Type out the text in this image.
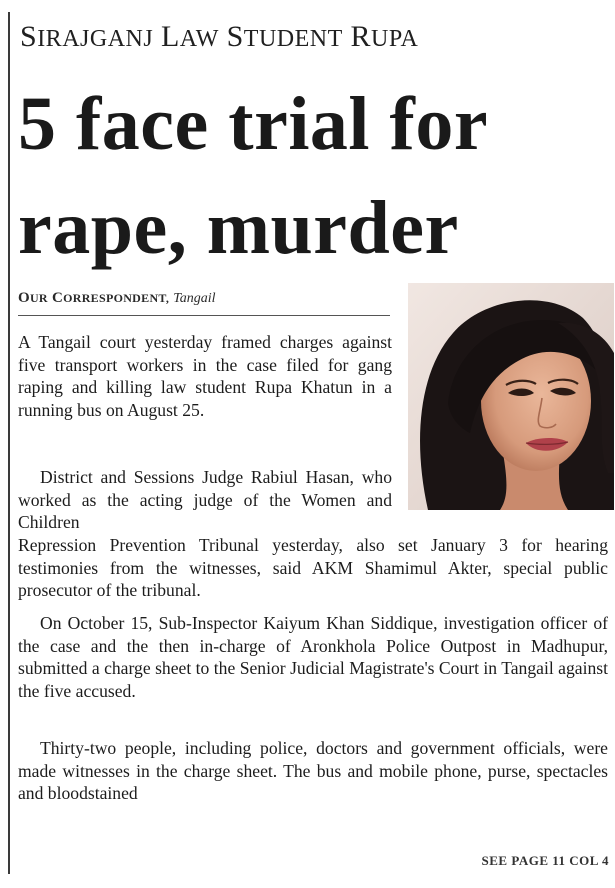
SIRAJGANJ LAW STUDENT RUPA
5 face trial for
rape, murder
OUR CORRESPONDENT, Tangail

A Tangail court yesterday framed charges against five transport workers in the case filed for gang raping and killing law student Rupa Khatun in a running bus on August 25.

District and Sessions Judge Rabiul Hasan, who worked as the acting judge of the Women and Children

Repression Prevention Tribunal yesterday, also set January 3 for hearing testimonies from the witnesses, said AKM Shamimul Akter, special public prosecutor of the tribunal.

On October 15, Sub-Inspector Kaiyum Khan Siddique, investigation officer of the case and the then in-charge of Aronkhola Police Outpost in Madhupur, submitted a charge sheet to the Senior Judicial Magistrate's Court in Tangail against the five accused.

Thirty-two people, including police, doctors and government officials, were made witnesses in the charge sheet. The bus and mobile phone, purse, spectacles and bloodstained

SEE PAGE 11 COL 4
